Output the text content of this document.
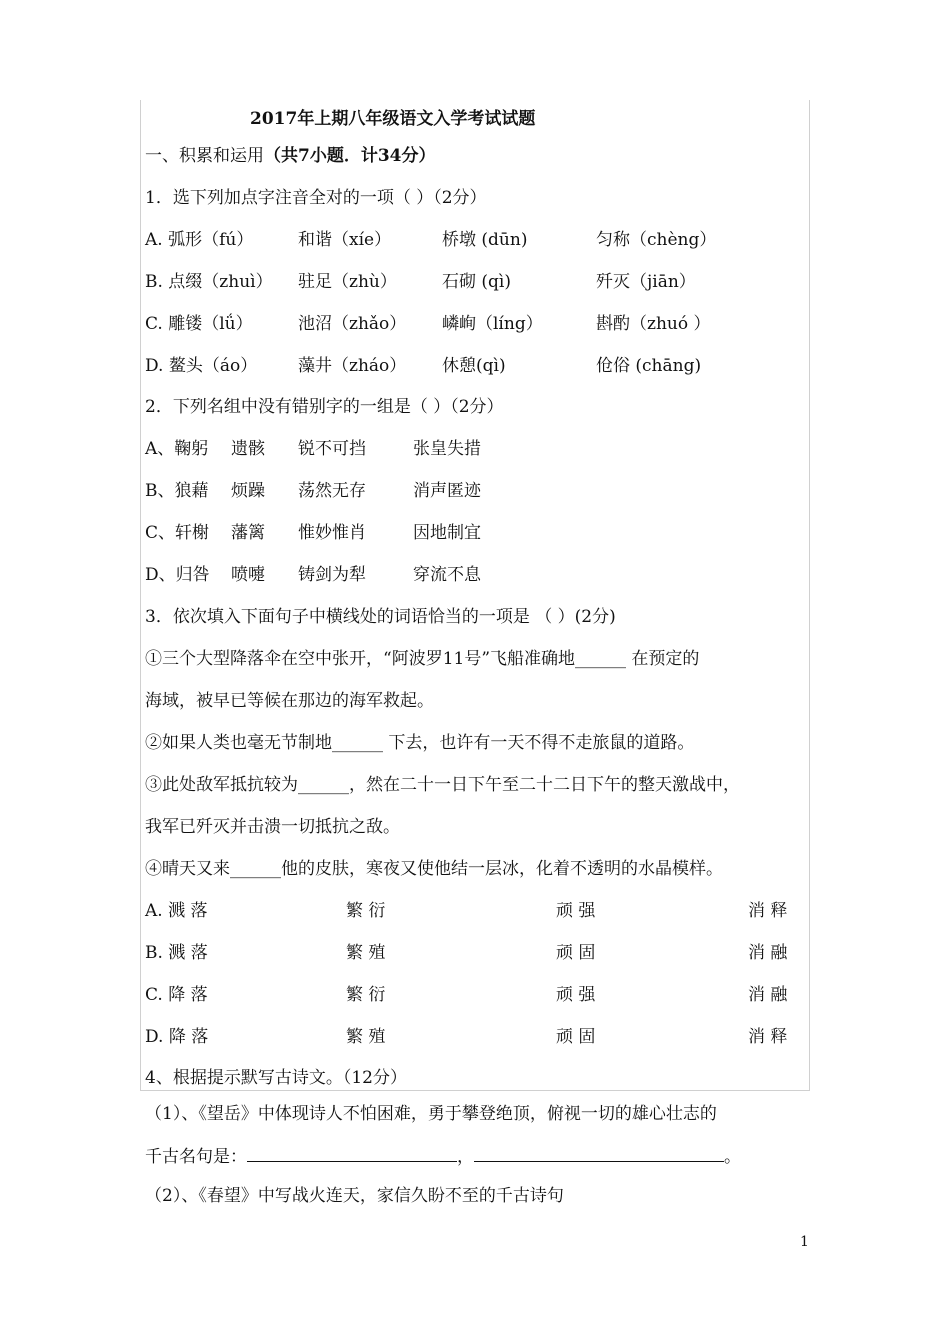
2017年上期八年级语文入学考试试题
一、积累和运用（共7小题．计34分）
1．选下列加点字注音全对的一项（ ）（2分）
A. 弧形（fú）	和谐（xíe）	桥墩 (dūn)	匀称（chèng）
B. 点缀（zhuì） 驻足（zhù）	石砌 (qì)	歼灭（jiān）
C. 雕镂（lǘ）	池沼（zhǎo） 嶙峋（líng）	斟酌（zhuó ）
D. 鳌头（áo） 藻井（zháo） 休憩(qì)	伧俗 (chāng)
2．下列名组中没有错别字的一组是（ ）（2分）
A、鞠躬 遗骸 锐不可挡	张皇失措
B、狼藉 烦躁 荡然无存	消声匿迹
C、轩榭 藩篱 惟妙惟肖	因地制宜
D、归咎 喷嚏 铸剑为犁	穿流不息
3．依次填入下面句子中横线处的词语恰当的一项是 （ ）(2分)
①三个大型降落伞在空中张开，“阿波罗11号”飞船准确地______ 在预定的
海域，被早已等候在那边的海军救起。
②如果人类也毫无节制地______ 下去，也许有一天不得不走旅鼠的道路。
③此处敌军抵抗较为______，然在二十一日下午至二十二日下午的整天激战中，
我军已歼灭并击溃一切抵抗之敌。
④晴天又来______他的皮肤，寒夜又使他结一层冰，化着不透明的水晶模样。
A. 溅 落	繁 衍	顽 强	消 释
B. 溅 落	繁 殖	顽 固	消 融
C. 降 落	繁 衍	顽 强	消 融
D. 降 落	繁 殖	顽 固	消 释
4、根据提示默写古诗文。（12分）
（1）、《望岳》中体现诗人不怕困难，勇于攀登绝顶，俯视一切的雄心壮志的
千古名句是：	，	。
（2）、《春望》中写战火连天，家信久盼不至的千古诗句
1
